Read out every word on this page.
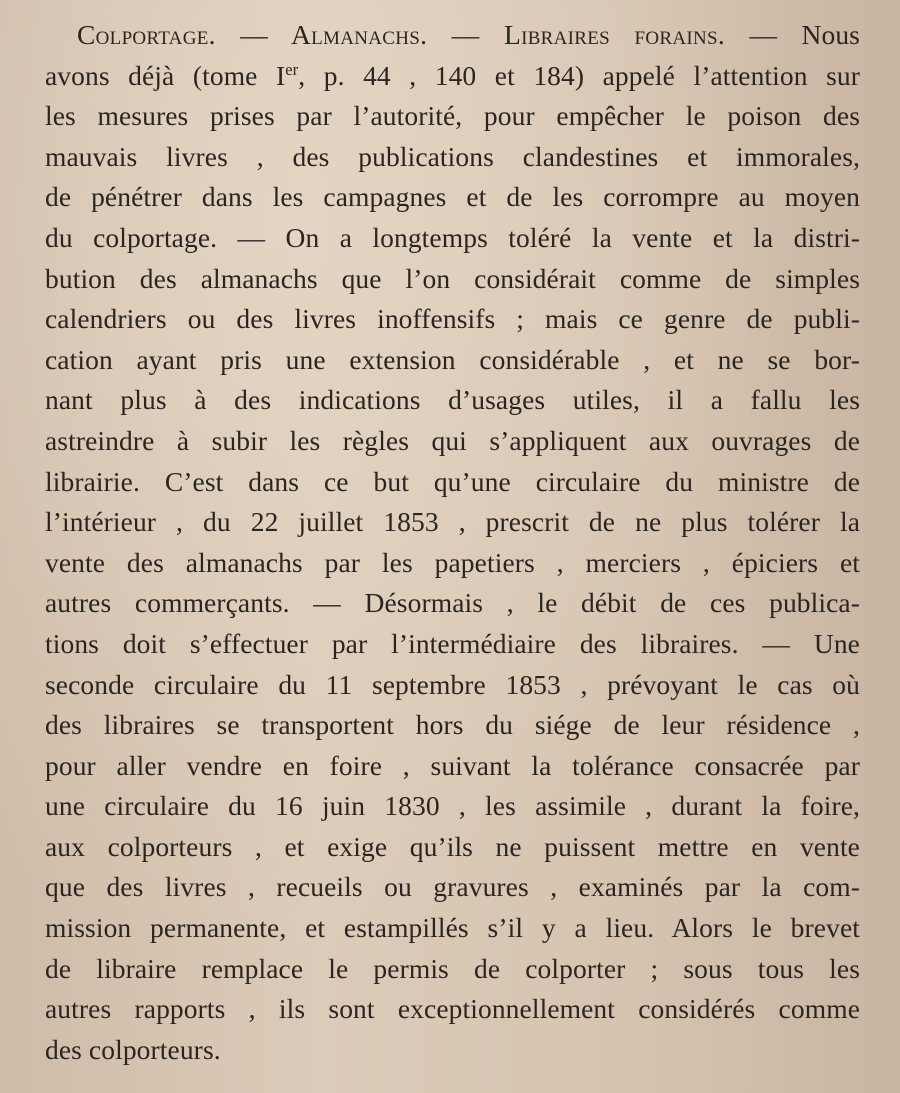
Colportage. — Almanachs. — Libraires forains. — Nous
avons déjà (tome Ier, p. 44 , 140 et 184) appelé l’attention sur
les mesures prises par l’autorité, pour empêcher le poison des
mauvais livres , des publications clandestines et immorales,
de pénétrer dans les campagnes et de les corrompre au moyen
du colportage. — On a longtemps toléré la vente et la distri-
bution des almanachs que l’on considérait comme de simples
calendriers ou des livres inoffensifs ; mais ce genre de publi-
cation ayant pris une extension considérable , et ne se bor-
nant plus à des indications d’usages utiles, il a fallu les
astreindre à subir les règles qui s’appliquent aux ouvrages de
librairie. C’est dans ce but qu’une circulaire du ministre de
l’intérieur , du 22 juillet 1853 , prescrit de ne plus tolérer la
vente des almanachs par les papetiers , merciers , épiciers et
autres commerçants. — Désormais , le débit de ces publica-
tions doit s’effectuer par l’intermédiaire des libraires. — Une
seconde circulaire du 11 septembre 1853 , prévoyant le cas où
des libraires se transportent hors du siége de leur résidence ,
pour aller vendre en foire , suivant la tolérance consacrée par
une circulaire du 16 juin 1830 , les assimile , durant la foire,
aux colporteurs , et exige qu’ils ne puissent mettre en vente
que des livres , recueils ou gravures , examinés par la com-
mission permanente, et estampillés s’il y a lieu. Alors le brevet
de libraire remplace le permis de colporter ; sous tous les
autres rapports , ils sont exceptionnellement considérés comme
des colporteurs.
